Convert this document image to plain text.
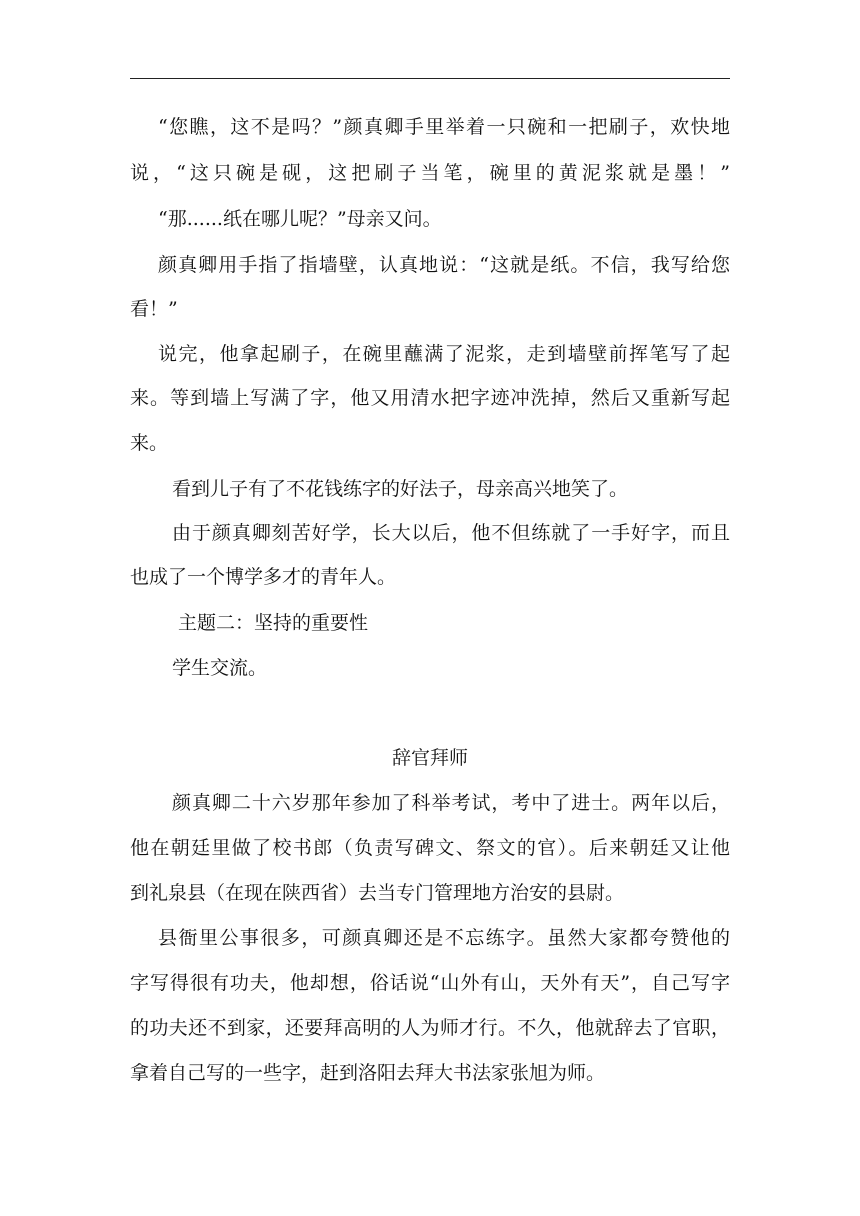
“您瞧，这不是吗？”颜真卿手里举着一只碗和一把刷子，欢快地
说，“这只碗是砚，这把刷子当笔，碗里的黄泥浆就是墨！”
“那......纸在哪儿呢？”母亲又问。
颜真卿用手指了指墙壁，认真地说：“这就是纸。不信，我写给您
看！”
说完，他拿起刷子，在碗里蘸满了泥浆，走到墙壁前挥笔写了起
来。等到墙上写满了字，他又用清水把字迹冲洗掉，然后又重新写起
来。
看到儿子有了不花钱练字的好法子，母亲高兴地笑了。
由于颜真卿刻苦好学，长大以后，他不但练就了一手好字，而且
也成了一个博学多才的青年人。
主题二：坚持的重要性
学生交流。
辞官拜师
颜真卿二十六岁那年参加了科举考试，考中了进士。两年以后，
他在朝廷里做了校书郎（负责写碑文、祭文的官）。后来朝廷又让他
到礼泉县（在现在陕西省）去当专门管理地方治安的县尉。
县衙里公事很多，可颜真卿还是不忘练字。虽然大家都夸赞他的
字写得很有功夫，他却想，俗话说“山外有山，天外有天”，自己写字
的功夫还不到家，还要拜高明的人为师才行。不久，他就辞去了官职，
拿着自己写的一些字，赶到洛阳去拜大书法家张旭为师。
